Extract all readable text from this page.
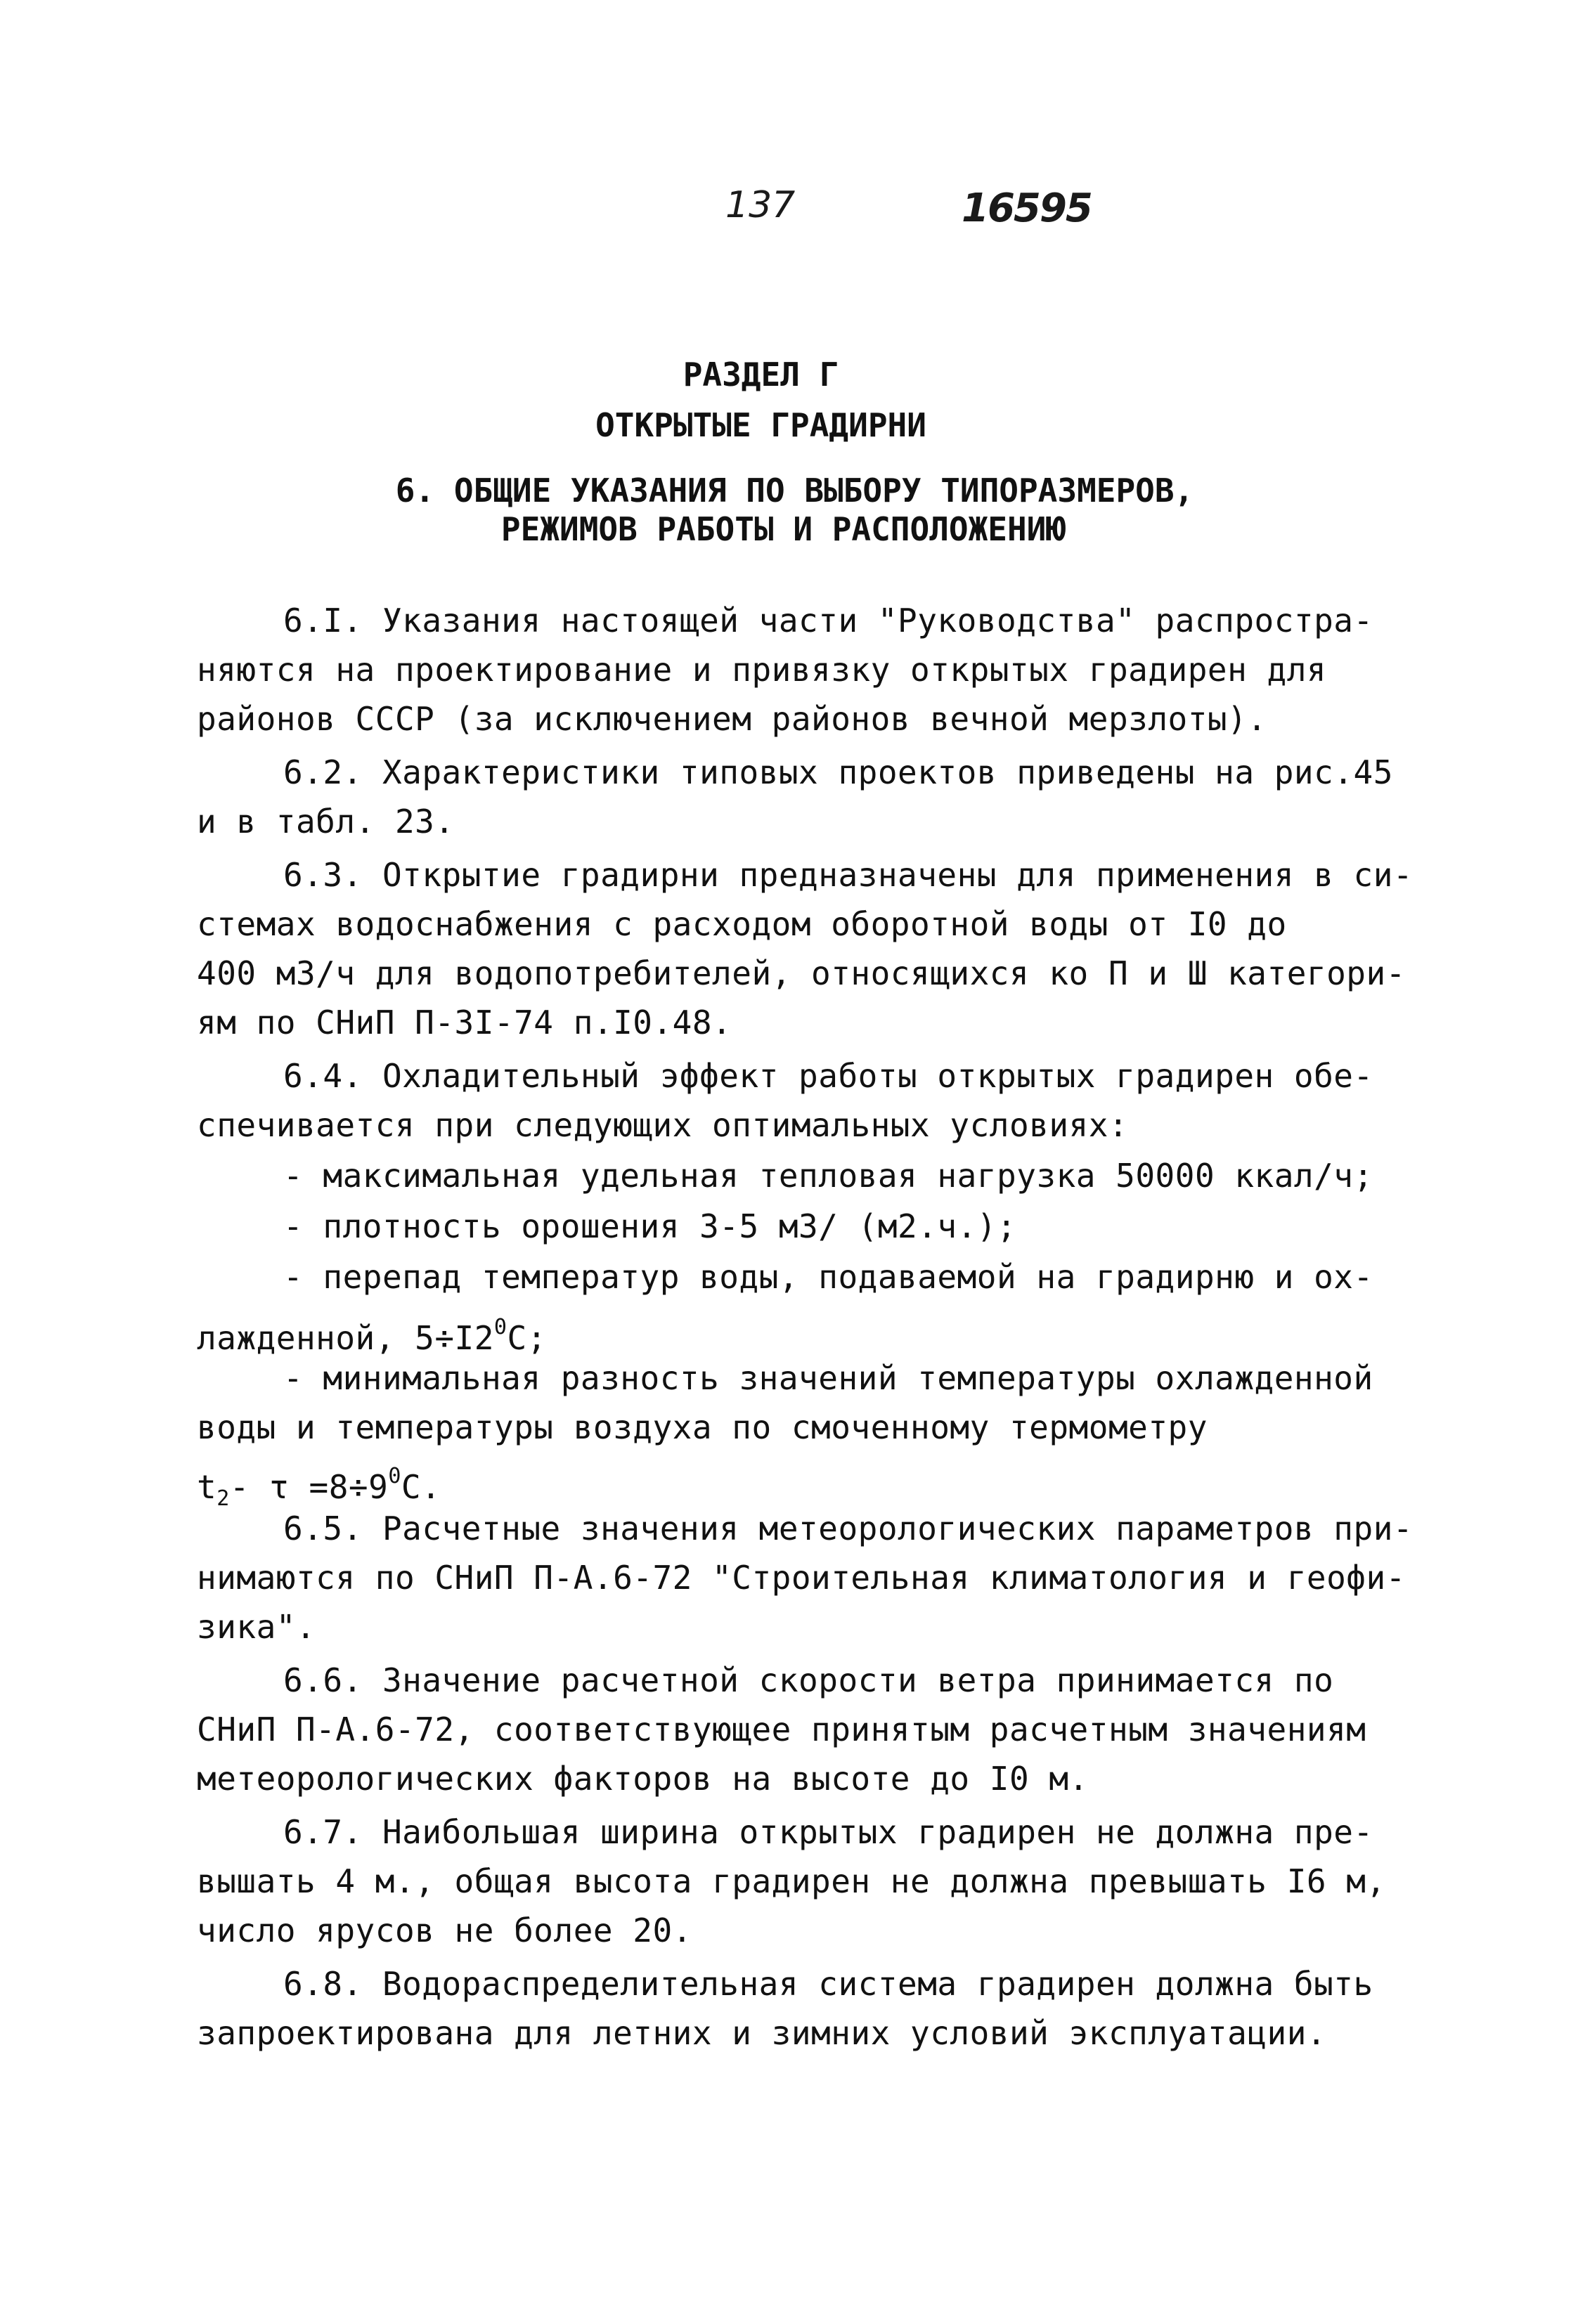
137	16595
РАЗДЕЛ Г
ОТКРЫТЫЕ ГРАДИРНИ
6. ОБЩИЕ УКАЗАНИЯ ПО ВЫБОРУ ТИПОРАЗМЕРОВ,
РЕЖИМОВ РАБОТЫ И РАСПОЛОЖЕНИЮ
6.I. Указания настоящей части "Руководства" распростра-
няются на проектирование и привязку открытых градирен для
районов СССР (за исключением районов вечной мерзлоты).
6.2. Характеристики типовых проектов приведены на рис.45
и в табл. 23.
6.3. Открытие градирни предназначены для применения в си-
стемах водоснабжения с расходом оборотной воды от I0 до
400 м3/ч для водопотребителей, относящихся ко П и Ш категори-
ям по СНиП П-3I-74 п.I0.48.
6.4. Охладительный эффект работы открытых градирен обе-
спечивается при следующих оптимальных условиях:
- максимальная удельная тепловая нагрузка 50000 ккал/ч;
- плотность орошения 3-5 м3/ (м2.ч.);
- перепад температур воды, подаваемой на градирню и ох-
лажденной, $5\div I2^0С$;
- минимальная разность значений температуры охлажденной
воды и температуры воздуха по смоченному термометру
$t_2-$ $\tau =8\div 9^0С$.
6.5. Расчетные значения метеорологических параметров при-
нимаются по СНиП П-А.6-72 "Строительная климатология и геофи-
зика".
6.6. Значение расчетной скорости ветра принимается по
СНиП П-А.6-72, соответствующее принятым расчетным значениям
метеорологических факторов на высоте до I0 м.
6.7. Наибольшая ширина открытых градирен не должна пре-
вышать 4 м., общая высота градирен не должна превышать I6 м,
число ярусов не более 20.
6.8. Водораспределительная система градирен должна быть
запроектирована для летних и зимних условий эксплуатации.
